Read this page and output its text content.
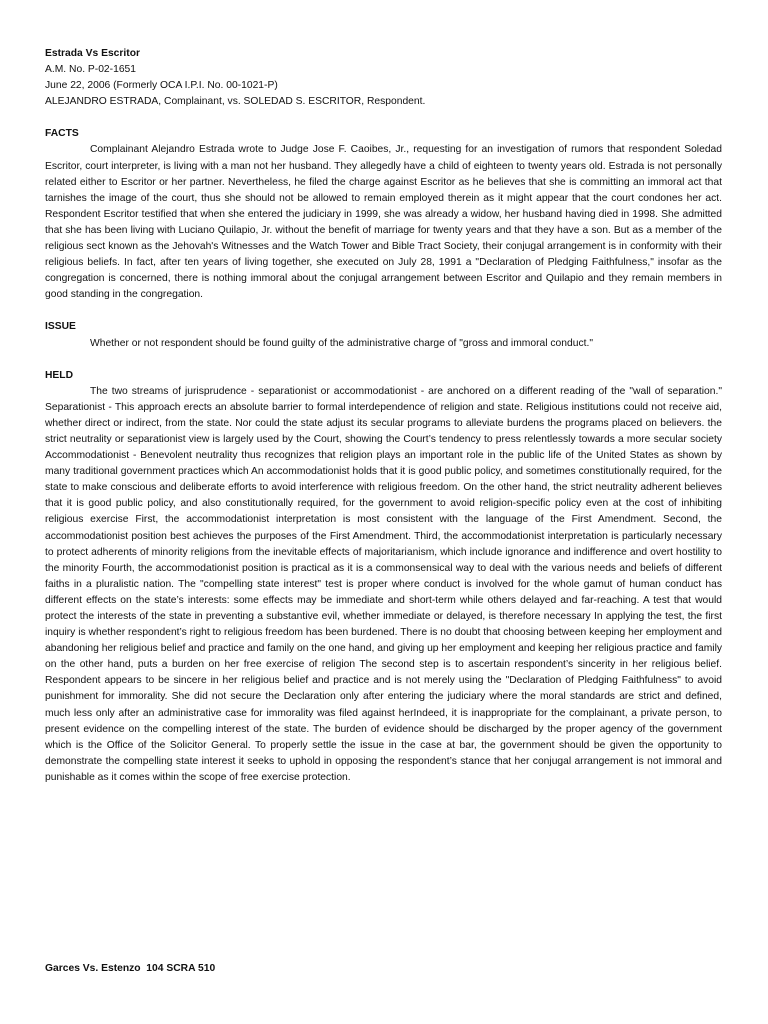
Estrada Vs Escritor
A.M. No. P-02-1651
June 22, 2006 (Formerly OCA I.P.I. No. 00-1021-P)
ALEJANDRO ESTRADA, Complainant, vs. SOLEDAD S. ESCRITOR, Respondent.
FACTS
Complainant Alejandro Estrada wrote to Judge Jose F. Caoibes, Jr., requesting for an investigation of rumors that respondent Soledad Escritor, court interpreter, is living with a man not her husband. They allegedly have a child of eighteen to twenty years old. Estrada is not personally related either to Escritor or her partner. Nevertheless, he filed the charge against Escritor as he believes that she is committing an immoral act that tarnishes the image of the court, thus she should not be allowed to remain employed therein as it might appear that the court condones her act. Respondent Escritor testified that when she entered the judiciary in 1999, she was already a widow, her husband having died in 1998. She admitted that she has been living with Luciano Quilapio, Jr. without the benefit of marriage for twenty years and that they have a son. But as a member of the religious sect known as the Jehovah's Witnesses and the Watch Tower and Bible Tract Society, their conjugal arrangement is in conformity with their religious beliefs. In fact, after ten years of living together, she executed on July 28, 1991 a "Declaration of Pledging Faithfulness," insofar as the congregation is concerned, there is nothing immoral about the conjugal arrangement between Escritor and Quilapio and they remain members in good standing in the congregation.
ISSUE
Whether or not respondent should be found guilty of the administrative charge of "gross and immoral conduct."
HELD
The two streams of jurisprudence - separationist or accommodationist - are anchored on a different reading of the "wall of separation." Separationist - This approach erects an absolute barrier to formal interdependence of religion and state. Religious institutions could not receive aid, whether direct or indirect, from the state. Nor could the state adjust its secular programs to alleviate burdens the programs placed on believers. the strict neutrality or separationist view is largely used by the Court, showing the Court’s tendency to press relentlessly towards a more secular society Accommodationist - Benevolent neutrality thus recognizes that religion plays an important role in the public life of the United States as shown by many traditional government practices which An accommodationist holds that it is good public policy, and sometimes constitutionally required, for the state to make conscious and deliberate efforts to avoid interference with religious freedom. On the other hand, the strict neutrality adherent believes that it is good public policy, and also constitutionally required, for the government to avoid religion-specific policy even at the cost of inhibiting religious exercise First, the accommodationist interpretation is most consistent with the language of the First Amendment. Second, the accommodationist position best achieves the purposes of the First Amendment. Third, the accommodationist interpretation is particularly necessary to protect adherents of minority religions from the inevitable effects of majoritarianism, which include ignorance and indifference and overt hostility to the minority Fourth, the accommodationist position is practical as it is a commonsensical way to deal with the various needs and beliefs of different faiths in a pluralistic nation. The "compelling state interest" test is proper where conduct is involved for the whole gamut of human conduct has different effects on the state’s interests: some effects may be immediate and short-term while others delayed and far-reaching. A test that would protect the interests of the state in preventing a substantive evil, whether immediate or delayed, is therefore necessary In applying the test, the first inquiry is whether respondent’s right to religious freedom has been burdened. There is no doubt that choosing between keeping her employment and abandoning her religious belief and practice and family on the one hand, and giving up her employment and keeping her religious practice and family on the other hand, puts a burden on her free exercise of religion The second step is to ascertain respondent’s sincerity in her religious belief. Respondent appears to be sincere in her religious belief and practice and is not merely using the "Declaration of Pledging Faithfulness" to avoid punishment for immorality. She did not secure the Declaration only after entering the judiciary where the moral standards are strict and defined, much less only after an administrative case for immorality was filed against herIndeed, it is inappropriate for the complainant, a private person, to present evidence on the compelling interest of the state. The burden of evidence should be discharged by the proper agency of the government which is the Office of the Solicitor General. To properly settle the issue in the case at bar, the government should be given the opportunity to demonstrate the compelling state interest it seeks to uphold in opposing the respondent’s stance that her conjugal arrangement is not immoral and punishable as it comes within the scope of free exercise protection.
Garces Vs. Estenzo  104 SCRA 510
